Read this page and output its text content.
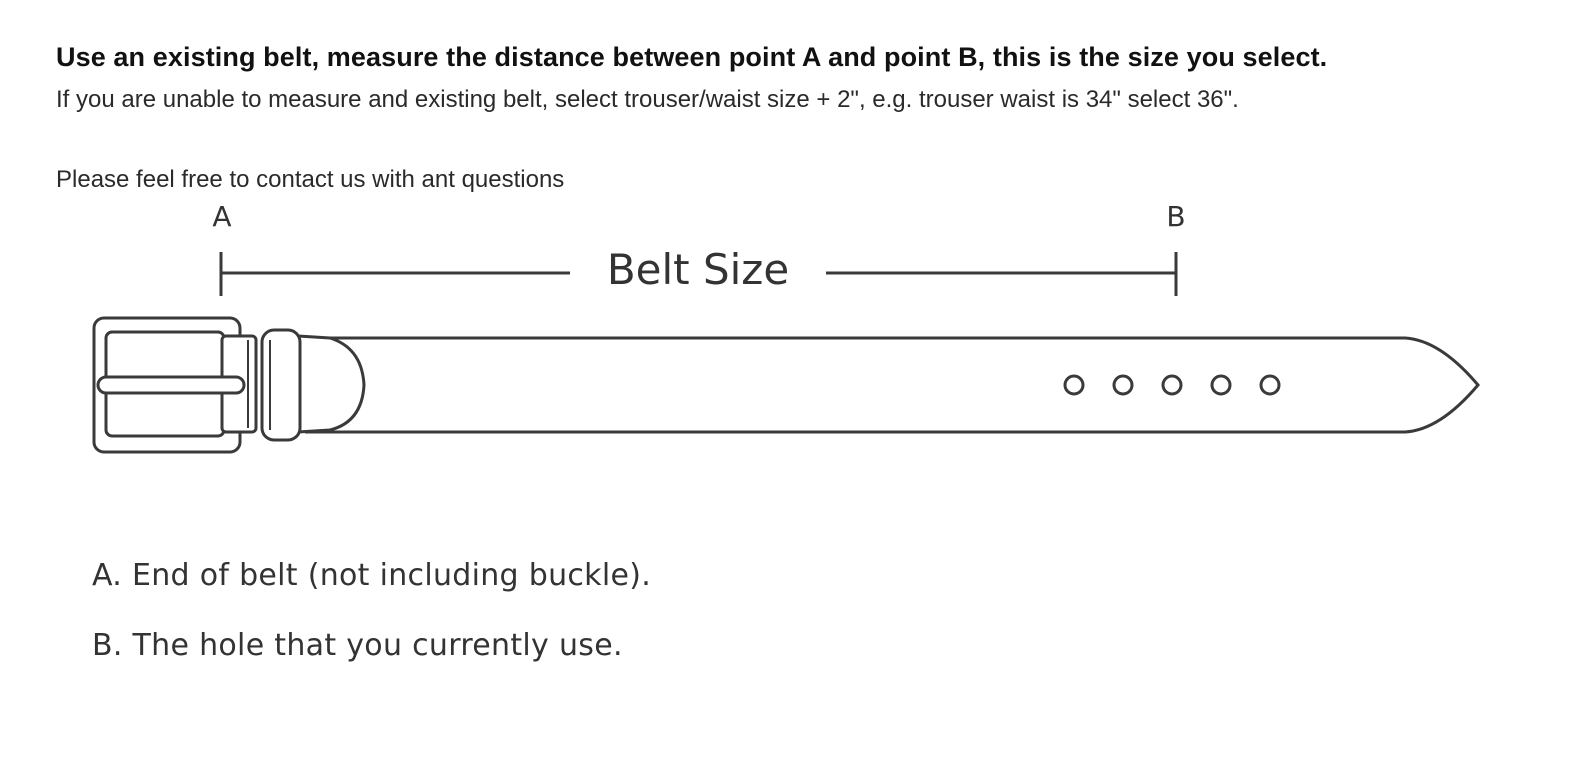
Use an existing belt, measure the distance between point A and point B, this is the size you select.
If you are unable to measure and existing belt, select trouser/waist size + 2", e.g. trouser waist is 34" select 36".
Please feel free to contact us with ant questions
A	B
Belt Size
A. End of belt (not including buckle).
B. The hole that you currently use.
